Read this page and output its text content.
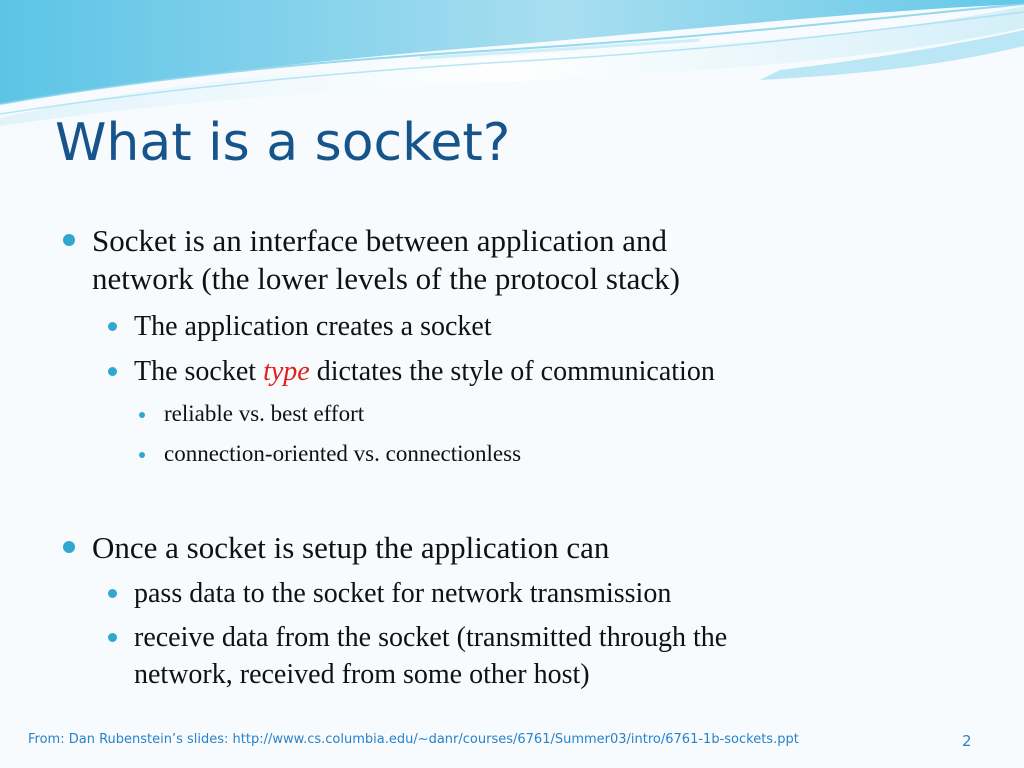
What is a socket?
Socket is an interface between application and
network (the lower levels of the protocol stack)
The application creates a socket
The socket type dictates the style of communication
reliable vs. best effort
connection-oriented vs. connectionless
Once a socket is setup the application can
pass data to the socket for network transmission
receive data from the socket (transmitted through the
network, received from some other host)
From: Dan Rubenstein’s slides: http://www.cs.columbia.edu/~danr/courses/6761/Summer03/intro/6761-1b-sockets.ppt	2
